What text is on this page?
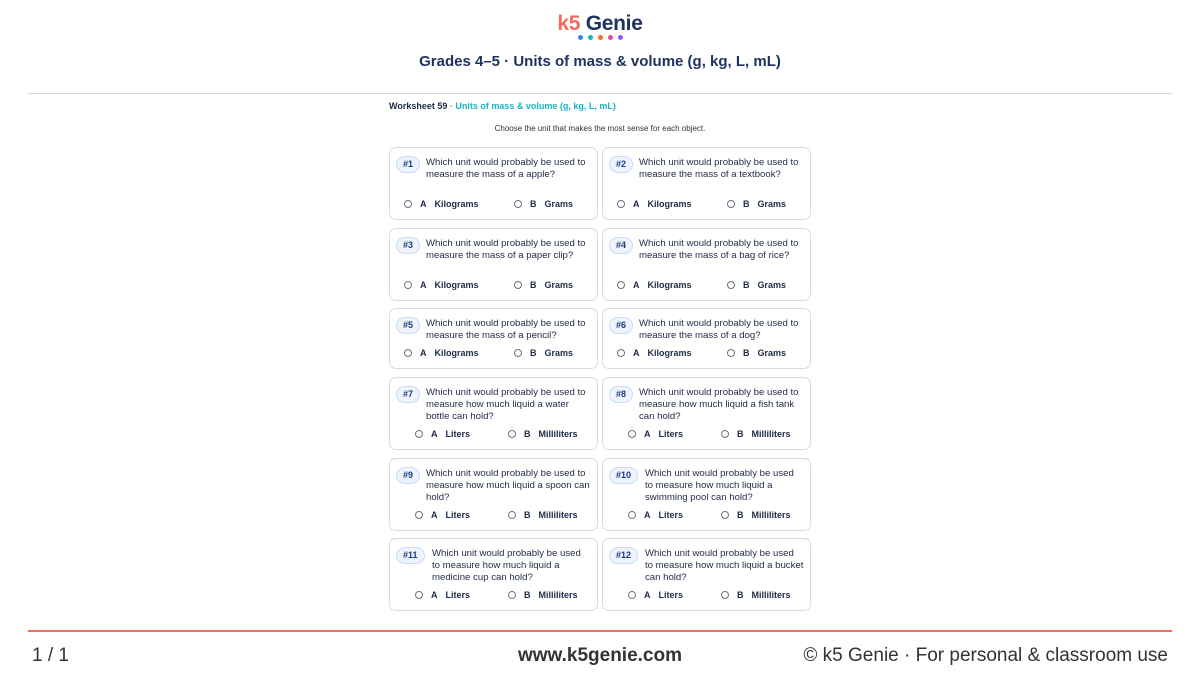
k5 Genie
Grades 4–5 · Units of mass & volume (g, kg, L, mL)
Worksheet 59 · Units of mass & volume (g, kg, L, mL)
Choose the unit that makes the most sense for each object.
#1	Which unit would probably be used to measure the mass of a apple?
A Kilograms	B Grams
#2	Which unit would probably be used to measure the mass of a textbook?
A Kilograms	B Grams
#3	Which unit would probably be used to measure the mass of a paper clip?
A Kilograms	B Grams
#4	Which unit would probably be used to measure the mass of a bag of rice?
A Kilograms	B Grams
#5	Which unit would probably be used to measure the mass of a pencil?
A Kilograms	B Grams
#6	Which unit would probably be used to measure the mass of a dog?
A Kilograms	B Grams
#7	Which unit would probably be used to measure how much liquid a water bottle can hold?
A Liters	B Milliliters
#8	Which unit would probably be used to measure how much liquid a fish tank can hold?
A Liters	B Milliliters
#9	Which unit would probably be used to measure how much liquid a spoon can hold?
A Liters	B Milliliters
#10	Which unit would probably be used to measure how much liquid a swimming pool can hold?
A Liters	B Milliliters
#11	Which unit would probably be used to measure how much liquid a medicine cup can hold?
A Liters	B Milliliters
#12	Which unit would probably be used to measure how much liquid a bucket can hold?
A Liters	B Milliliters
1 / 1	www.k5genie.com	© k5 Genie · For personal & classroom use
